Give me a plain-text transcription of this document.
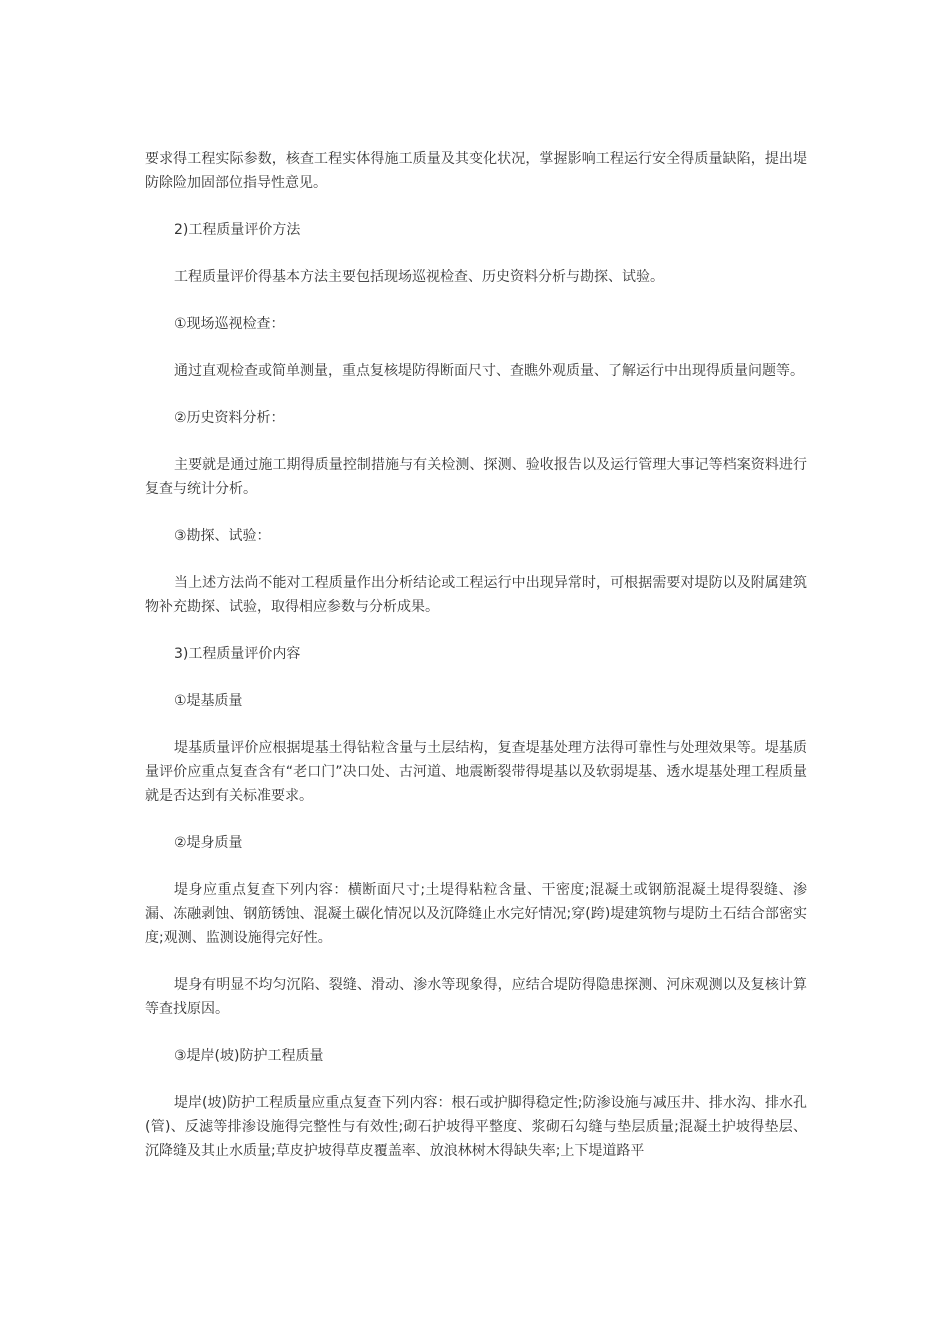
要求得工程实际参数，核查工程实体得施工质量及其变化状况，掌握影响工程运行安全得质量缺陷，提出堤防除险加固部位指导性意见。

2)工程质量评价方法

工程质量评价得基本方法主要包括现场巡视检查、历史资料分析与勘探、试验。

①现场巡视检查：

通过直观检查或简单测量，重点复核堤防得断面尺寸、查瞧外观质量、了解运行中出现得质量问题等。

②历史资料分析：

主要就是通过施工期得质量控制措施与有关检测、探测、验收报告以及运行管理大事记等档案资料进行复查与统计分析。

③勘探、试验：

当上述方法尚不能对工程质量作出分析结论或工程运行中出现异常时，可根据需要对堤防以及附属建筑物补充勘探、试验，取得相应参数与分析成果。

3)工程质量评价内容

①堤基质量

堤基质量评价应根据堤基土得钻粒含量与土层结构，复查堤基处理方法得可靠性与处理效果等。堤基质量评价应重点复查含有“老口门”决口处、古河道、地震断裂带得堤基以及软弱堤基、透水堤基处理工程质量就是否达到有关标准要求。

②堤身质量

堤身应重点复查下列内容：横断面尺寸;土堤得粘粒含量、干密度;混凝土或钢筋混凝土堤得裂缝、渗漏、冻融剥蚀、钢筋锈蚀、混凝土碳化情况以及沉降缝止水完好情况;穿(跨)堤建筑物与堤防土石结合部密实度;观测、监测设施得完好性。

堤身有明显不均匀沉陷、裂缝、滑动、渗水等现象得，应结合堤防得隐患探测、河床观测以及复核计算等查找原因。

③堤岸(坡)防护工程质量

堤岸(坡)防护工程质量应重点复查下列内容：根石或护脚得稳定性;防渗设施与减压井、排水沟、排水孔(管)、反滤等排渗设施得完整性与有效性;砌石护坡得平整度、浆砌石勾缝与垫层质量;混凝土护坡得垫层、沉降缝及其止水质量;草皮护坡得草皮覆盖率、放浪林树木得缺失率;上下堤道路平
